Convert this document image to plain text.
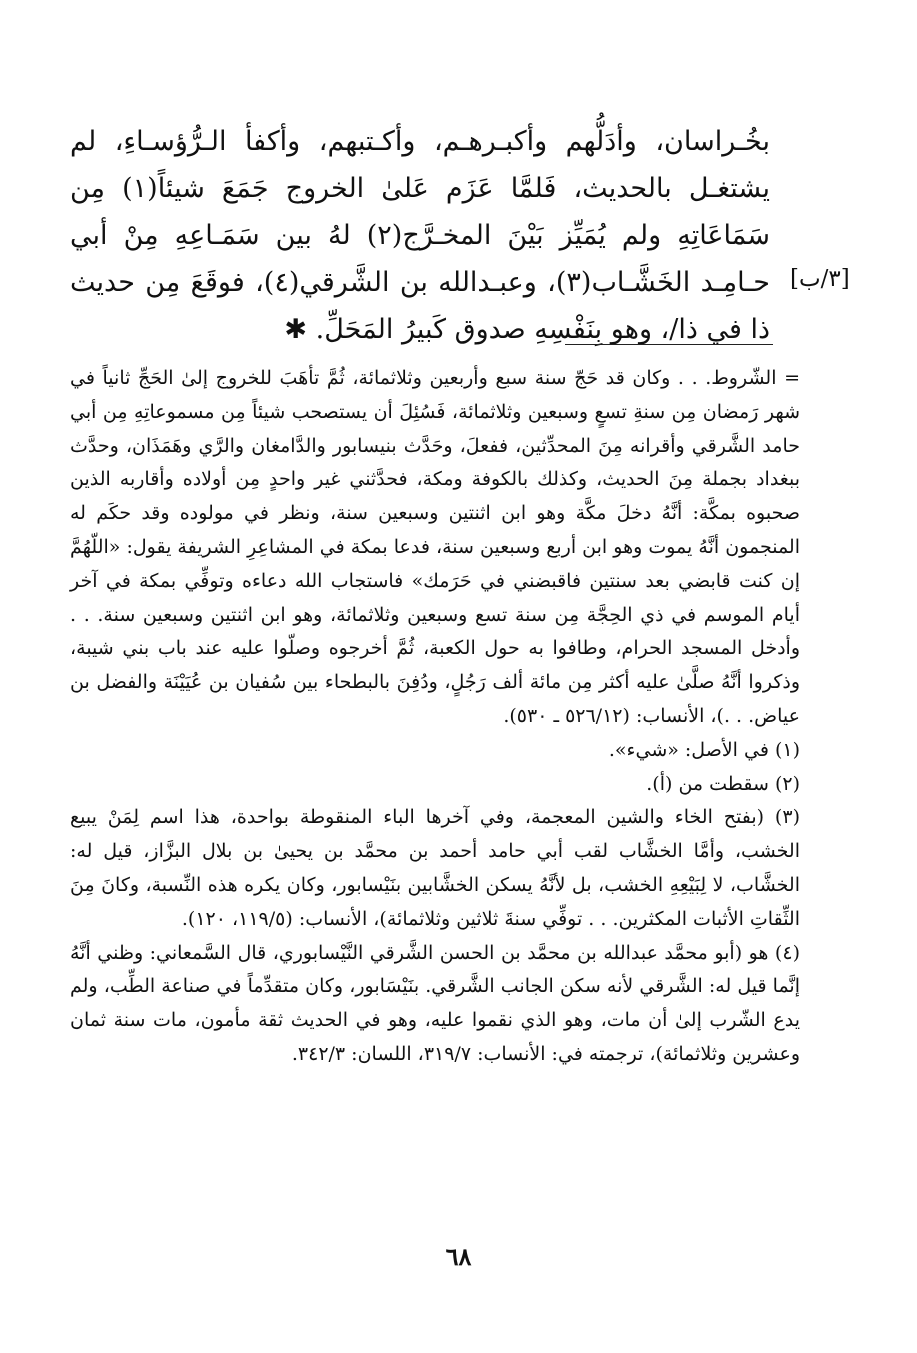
بخُـراسان، وأدَلُّهم وأكبـرهـم، وأكـتبهم، وأكفأ الـرُّؤسـاءِ، لم يشتغـل بالحديث، فَلمَّا عَزَم عَلىٰ الخروج جَمَعَ شيئاً(١) مِن سَمَاعَاتِهِ ولم يُمَيِّز بَيْنَ المخـرَّج(٢) لهُ بين سَمَـاعِهِ مِنْ أبي حـامِـد الخَشَّـاب(٣)، وعبـدالله بن الشَّرقي(٤)، فوقَعَ مِن حديث ذا في ذا/، وهو بِنَفْسِهِ صدوق كَبيرُ المَحَلِّ. ✱

[٣/ب]

= الشّروط. . . وكان قد حَجّ سنة سبع وأربعين وثلاثمائة، ثُمَّ تأهَبَ للخروج إلىٰ الحَجِّ ثانياً في شهر رَمضان مِن سنةِ تسعٍ وسبعين وثلاثمائة، فَسُئِلَ أن يستصحب شيئاً مِن مسموعاتِهِ مِن أبي حامد الشَّرقي وأقرانه مِنَ المحدِّثين، ففعلَ، وحَدَّث بنيسابور والدَّامغان والرَّي وهَمَذَان، وحدَّث ببغداد بجملة مِنَ الحديث، وكذلك بالكوفة ومكة، فحدَّثني غير واحدٍ مِن أولاده وأقاربه الذين صحبوه بمكَّة: أنَّهُ دخلَ مكَّة وهو ابن اثنتين وسبعين سنة، ونظر في مولوده وقد حكَم له المنجمون أنَّهُ يموت وهو ابن أربع وسبعين سنة، فدعا بمكة في المشاعِرِ الشريفة يقول: «اللّهُمَّ إن كنت قابضي بعد سنتين فاقبضني في حَرَمك» فاستجاب الله دعاءه وتوفِّي بمكة في آخر أيام الموسم في ذي الحِجَّة مِن سنة تسع وسبعين وثلاثمائة، وهو ابن اثنتين وسبعين سنة. . . وأدخل المسجد الحرام، وطافوا به حول الكعبة، ثُمَّ أخرجوه وصلّوا عليه عند باب بني شيبة، وذكروا أنَّهُ صلَّىٰ عليه أكثر مِن مائة ألف رَجُلٍ، ودُفِنَ بالبطحاء بين سُفيان بن عُيَيْنَة والفضل بن عياض. . .)، الأنساب: (٥٢٦/١٢ ـ ٥٣٠).

(١) في الأصل: «شيء».

(٢) سقطت من (أ).

(٣) (بفتح الخاء والشين المعجمة، وفي آخرها الباء المنقوطة بواحدة، هذا اسم لِمَنْ يبيع الخشب، وأمَّا الخشَّاب لقب أبي حامد أحمد بن محمَّد بن يحيىٰ بن بلال البزَّاز، قيل له: الخشَّاب، لا لِبَيْعِهِ الخشب، بل لأنَّهُ يسكن الخشَّابين بنَيْسابور، وكان يكره هذه النِّسبة، وكانَ مِنَ الثِّقاتِ الأثبات المكثرين. . . توفِّي سنةَ ثلاثين وثلاثمائة)، الأنساب: (١١٩/٥، ١٢٠).

(٤) هو (أبو محمَّد عبدالله بن محمَّد بن الحسن الشَّرقي النَّيْسابوري، قال السَّمعاني: وظني أنَّهُ إنَّما قيل له: الشَّرقي لأنه سكن الجانب الشَّرقي. بنَيْسَابور، وكان متقدِّماً في صناعة الطِّب، ولم يدع الشّرب إلىٰ أن مات، وهو الذي نقموا عليه، وهو في الحديث ثقة مأمون، مات سنة ثمان وعشرين وثلاثمائة)، ترجمته في: الأنساب: ٣١٩/٧، اللسان: ٣٤٢/٣.

٦٨
